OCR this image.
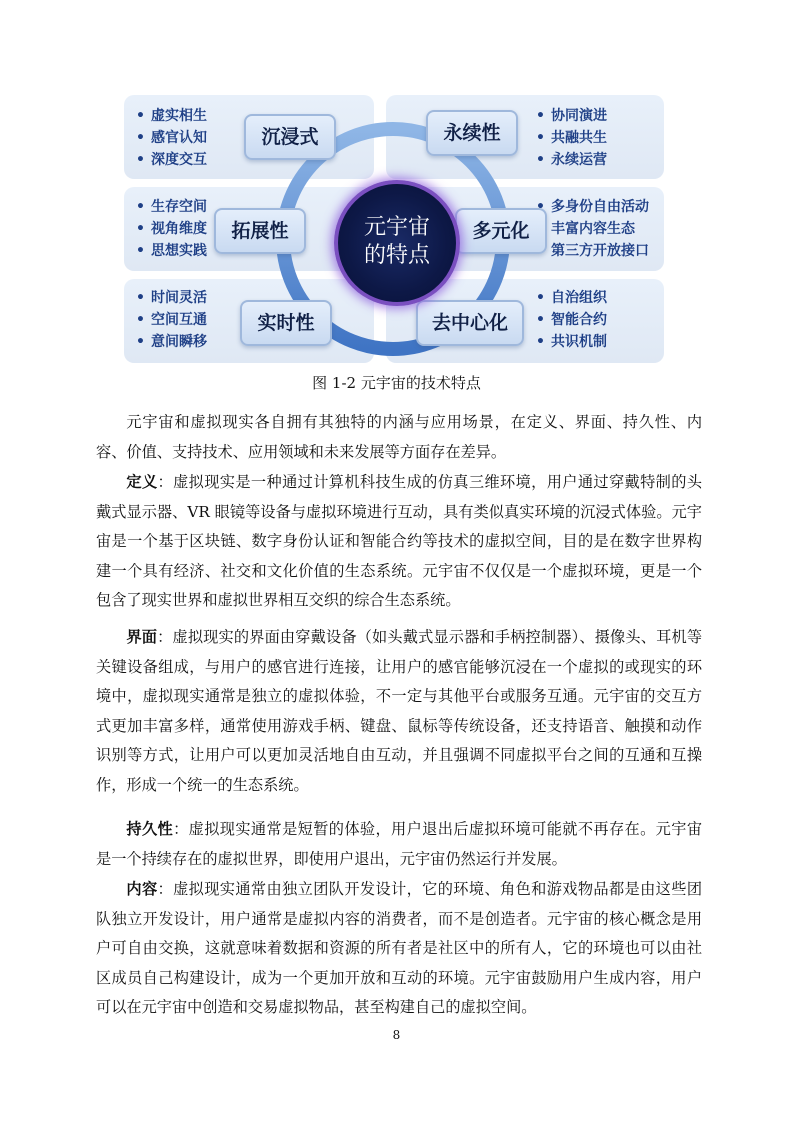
• 虚实相生
• 感官认知
• 深度交互
• 协同演进
• 共融共生
• 永续运营
• 生存空间
• 视角维度
• 思想实践
• 多身份自由活动
• 丰富内容生态
• 第三方开放接口
• 时间灵活
• 空间互通
• 意间瞬移
• 自治组织
• 智能合约
• 共识机制
沉浸式	永续性
拓展性	多元化
实时性	去中心化
元宇宙
的特点
图 1-2 元宇宙的技术特点

元宇宙和虚拟现实各自拥有其独特的内涵与应用场景，在定义、界面、持久性、内容、价值、支持技术、应用领域和未来发展等方面存在差异。

定义：虚拟现实是一种通过计算机科技生成的仿真三维环境，用户通过穿戴特制的头戴式显示器、VR 眼镜等设备与虚拟环境进行互动，具有类似真实环境的沉浸式体验。元宇宙是一个基于区块链、数字身份认证和智能合约等技术的虚拟空间，目的是在数字世界构建一个具有经济、社交和文化价值的生态系统。元宇宙不仅仅是一个虚拟环境，更是一个包含了现实世界和虚拟世界相互交织的综合生态系统。

界面：虚拟现实的界面由穿戴设备（如头戴式显示器和手柄控制器）、摄像头、耳机等关键设备组成，与用户的感官进行连接，让用户的感官能够沉浸在一个虚拟的或现实的环境中，虚拟现实通常是独立的虚拟体验，不一定与其他平台或服务互通。元宇宙的交互方式更加丰富多样，通常使用游戏手柄、键盘、鼠标等传统设备，还支持语音、触摸和动作识别等方式，让用户可以更加灵活地自由互动，并且强调不同虚拟平台之间的互通和互操作，形成一个统一的生态系统。

持久性：虚拟现实通常是短暂的体验，用户退出后虚拟环境可能就不再存在。元宇宙是一个持续存在的虚拟世界，即使用户退出，元宇宙仍然运行并发展。

内容：虚拟现实通常由独立团队开发设计，它的环境、角色和游戏物品都是由这些团队独立开发设计，用户通常是虚拟内容的消费者，而不是创造者。元宇宙的核心概念是用户可自由交换，这就意味着数据和资源的所有者是社区中的所有人，它的环境也可以由社区成员自己构建设计，成为一个更加开放和互动的环境。元宇宙鼓励用户生成内容，用户可以在元宇宙中创造和交易虚拟物品，甚至构建自己的虚拟空间。

8
